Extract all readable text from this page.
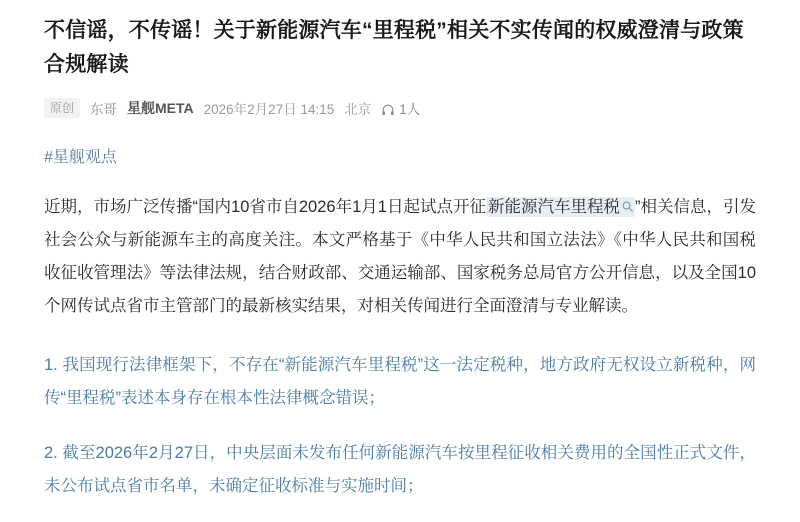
不信谣，不传谣！关于新能源汽车“里程税”相关不实传闻的权威澄清与政策合规解读
原创	东哥 星舰META 2026年2月27日 14:15 北京 1人
#星舰观点

近期，市场广泛传播“国内10省市自2026年1月1日起试点开征 新能源汽车里程税 ”相关信息，引发社会公众与新能源车主的高度关注。本文严格基于《中华人民共和国立法法》《中华人民共和国税收征收管理法》等法律法规，结合财政部、交通运输部、国家税务总局官方公开信息，以及全国10个网传试点省市主管部门的最新核实结果，对相关传闻进行全面澄清与专业解读。

1. 我国现行法律框架下，不存在“新能源汽车里程税”这一法定税种，地方政府无权设立新税种，网传“里程税”表述本身存在根本性法律概念错误；

2. 截至2026年2月27日，中央层面未发布任何新能源汽车按里程征收相关费用的全国性正式文件，未公布试点省市名单，未确定征收标准与实施时间；
